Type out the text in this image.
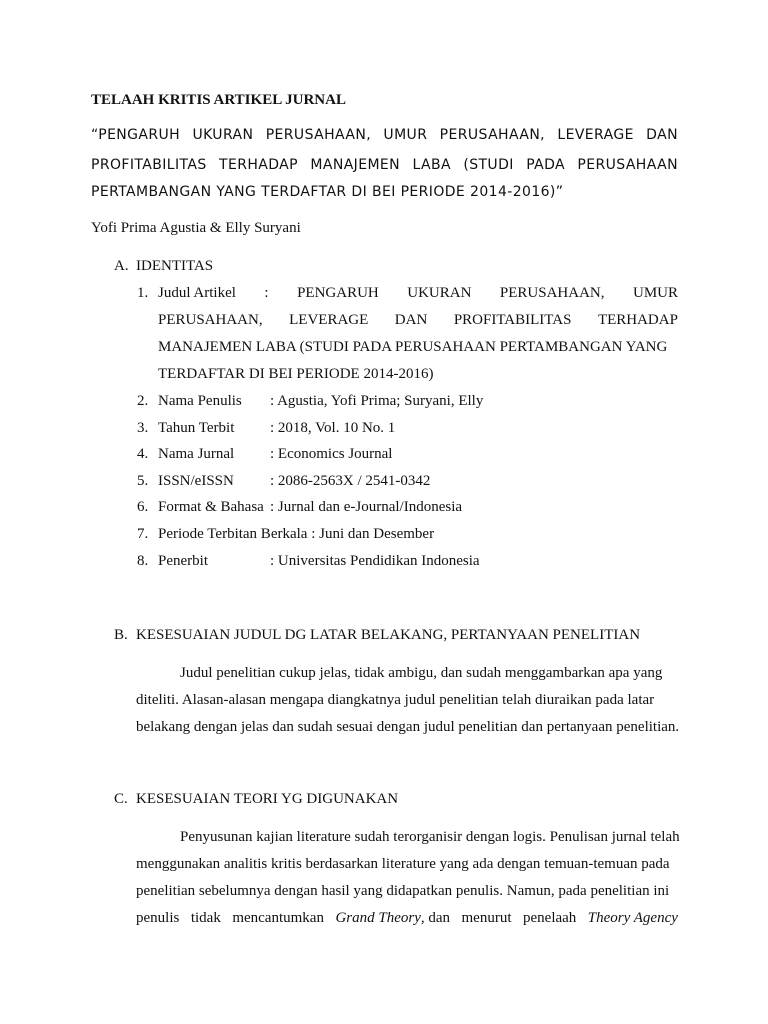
TELAAH KRITIS ARTIKEL JURNAL
“PENGARUH UKURAN PERUSAHAAN, UMUR PERUSAHAAN, LEVERAGE DAN
PROFITABILITAS TERHADAP MANAJEMEN LABA (STUDI PADA PERUSAHAAN
PERTAMBANGAN YANG TERDAFTAR DI BEI PERIODE 2014-2016)”
Yofi Prima Agustia & Elly Suryani
A. IDENTITAS
1. Judul Artikel : PENGARUH UKURAN PERUSAHAAN, UMUR
PERUSAHAAN, LEVERAGE DAN PROFITABILITAS TERHADAP
MANAJEMEN LABA (STUDI PADA PERUSAHAAN PERTAMBANGAN YANG
TERDAFTAR DI BEI PERIODE 2014-2016)
2. Nama Penulis : Agustia, Yofi Prima; Suryani, Elly
3. Tahun Terbit : 2018, Vol. 10 No. 1
4. Nama Jurnal : Economics Journal
5. ISSN/eISSN : 2086-2563X / 2541-0342
6. Format & Bahasa : Jurnal dan e-Journal/Indonesia
7. Periode Terbitan Berkala : Juni dan Desember
8. Penerbit	: Universitas Pendidikan Indonesia
B. KESESUAIAN JUDUL DG LATAR BELAKANG, PERTANYAAN PENELITIAN
Judul penelitian cukup jelas, tidak ambigu, dan sudah menggambarkan apa yang
diteliti. Alasan-alasan mengapa diangkatnya judul penelitian telah diuraikan pada latar
belakang dengan jelas dan sudah sesuai dengan judul penelitian dan pertanyaan penelitian.
C. KESESUAIAN TEORI YG DIGUNAKAN
Penyusunan kajian literature sudah terorganisir dengan logis. Penulisan jurnal telah
menggunakan analitis kritis berdasarkan literature yang ada dengan temuan-temuan pada
penelitian sebelumnya dengan hasil yang didapatkan penulis. Namun, pada penelitian ini
penulis tidak mencantumkan Grand Theory, dan menurut penelaah Theory Agency
